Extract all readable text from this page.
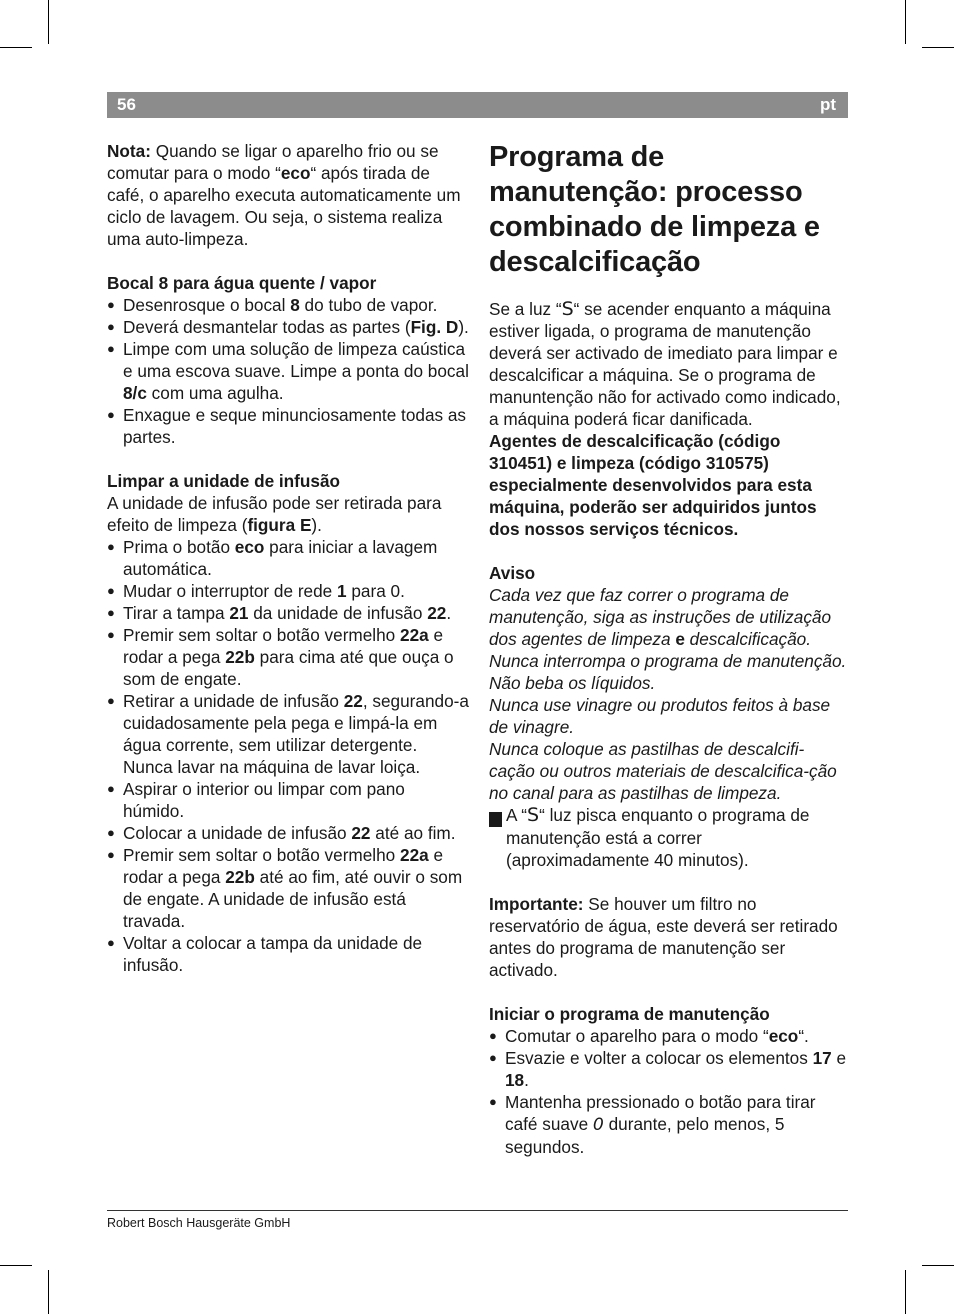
56	pt

Nota: Quando se ligar o aparelho frio ou se comutar para o modo “eco“ após tirada de café, o aparelho executa automaticamente um ciclo de lavagem. Ou seja, o sistema realiza uma auto-limpeza.

Bocal 8 para água quente / vapor

● Desenrosque o bocal 8 do tubo de vapor.
● Deverá desmantelar todas as partes (Fig. D).
● Limpe com uma solução de limpeza caústica e uma escova suave. Limpe a ponta do bocal 8/c com uma agulha.
● Enxague e seque minunciosamente todas as partes.

Limpar a unidade de infusão

A unidade de infusão pode ser retirada para efeito de limpeza (figura E).

● Prima o botão eco para iniciar a lavagem automática.
● Mudar o interruptor de rede 1 para 0.
● Tirar a tampa 21 da unidade de infusão 22.
● Premir sem soltar o botão vermelho 22a e rodar a pega 22b para cima até que ouça o som de engate.
● Retirar a unidade de infusão 22, segurando-a cuidadosamente pela pega e limpá-la em água corrente, sem utilizar detergente. Nunca lavar na máquina de lavar loiça.
● Aspirar o interior ou limpar com pano húmido.
● Colocar a unidade de infusão 22 até ao fim.
● Premir sem soltar o botão vermelho 22a e rodar a pega 22b até ao fim, até ouvir o som de engate. A unidade de infusão está travada.
● Voltar a colocar a tampa da unidade de infusão.
Programa de manutenção: processo combinado de limpeza e descalcificação

Se a luz “S“ se acender enquanto a máquina estiver ligada, o programa de manutenção deverá ser activado de imediato para limpar e descalcificar a máquina. Se o programa de manuntenção não for activado como indicado, a máquina poderá ficar danificada.

Agentes de descalcificação (código 310451) e limpeza (código 310575) especialmente desenvolvidos para esta máquina, poderão ser adquiridos juntos dos nossos serviços técnicos.

Aviso

Cada vez que faz correr o programa de manutenção, siga as instruções de utilização dos agentes de limpeza e descalcificação.

Nunca interrompa o programa de manutenção.

Não beba os líquidos.

Nunca use vinagre ou produtos feitos à base de vinagre.

Nunca coloque as pastilhas de descalcifi-cação ou outros materiais de descalcifica-ção no canal para as pastilhas de limpeza.

i A “S“ luz pisca enquanto o programa de manutenção está a correr (aproximadamente 40 minutos).

Importante: Se houver um filtro no reservatório de água, este deverá ser retirado antes do programa de manutenção ser activado.

Iniciar o programa de manutenção

● Comutar o aparelho para o modo “eco“.
● Esvazie e volter a colocar os elementos 17 e 18.
● Mantenha pressionado o botão para tirar café suave 0 durante, pelo menos, 5 segundos.
Robert Bosch Hausgeräte GmbH
